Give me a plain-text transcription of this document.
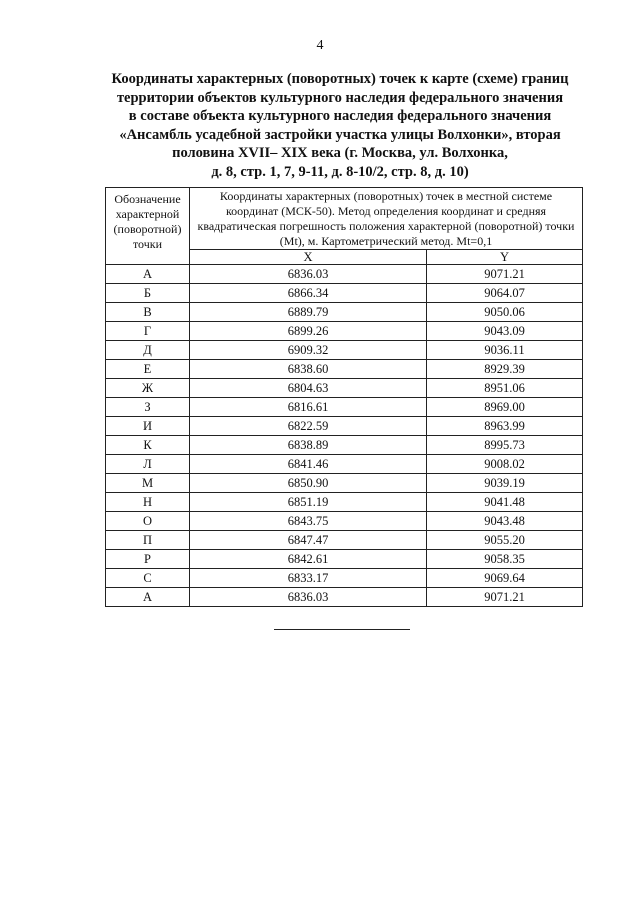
4
Координаты характерных (поворотных) точек к карте (схеме) границ
территории объектов культурного наследия федерального значения
в составе объекта культурного наследия федерального значения
«Ансамбль усадебной застройки участка улицы Волхонки», вторая
половина XVII– XIX века (г. Москва, ул. Волхонка,
д. 8, стр. 1, 7, 9-11, д. 8-10/2, стр. 8, д. 10)
Обозначение характерной (поворотной) точки	Координаты характерных (поворотных) точек в местной системе координат (МСК-50). Метод определения координат и средняя квадратическая погрешность положения характерной (поворотной) точки (Mt), м. Картометрический метод. Mt=0,1	
	X	Y
А	6836.03	9071.21
Б	6866.34	9064.07
В	6889.79	9050.06
Г	6899.26	9043.09
Д	6909.32	9036.11
Е	6838.60	8929.39
Ж	6804.63	8951.06
З	6816.61	8969.00
И	6822.59	8963.99
К	6838.89	8995.73
Л	6841.46	9008.02
М	6850.90	9039.19
Н	6851.19	9041.48
О	6843.75	9043.48
П	6847.47	9055.20
Р	6842.61	9058.35
С	6833.17	9069.64
А	6836.03	9071.21
